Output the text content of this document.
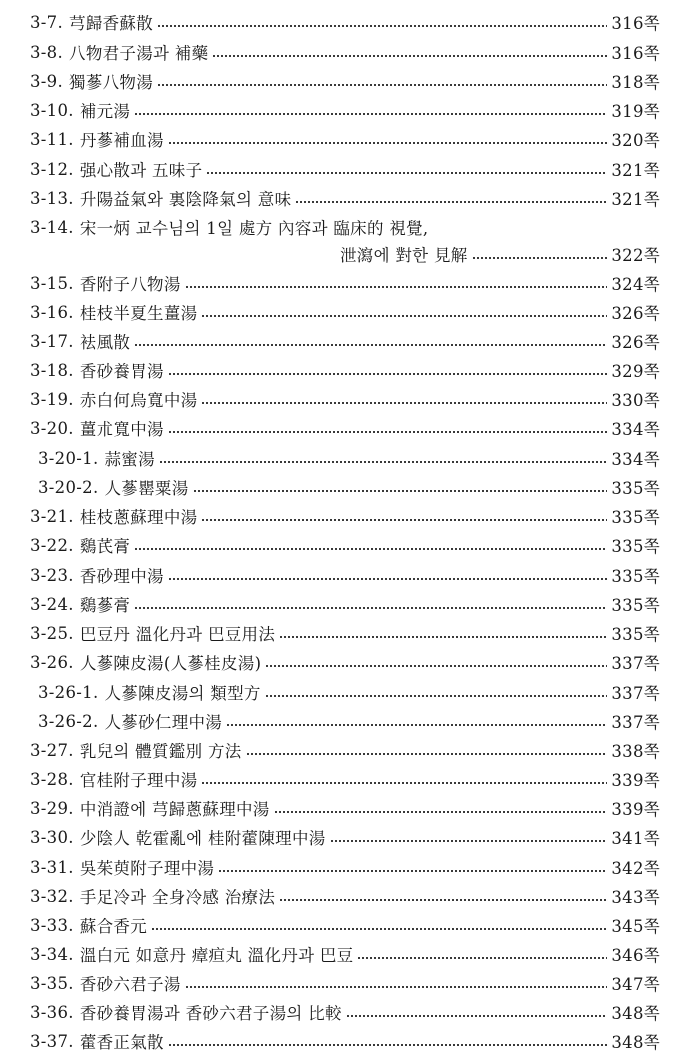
3-7. 芎歸香蘇散	316쪽
3-8. 八物君子湯과 補藥	316쪽
3-9. 獨蔘八物湯	318쪽
3-10. 補元湯	319쪽
3-11. 丹蔘補血湯	320쪽
3-12. 强心散과 五味子	321쪽
3-13. 升陽益氣와 裏陰降氣의 意味	321쪽
3-14. 宋一炳 교수님의 1일 處方 內容과 臨床的 視覺,
泄瀉에 對한 見解	322쪽
3-15. 香附子八物湯	324쪽
3-16. 桂枝半夏生薑湯	326쪽
3-17. 袪風散	326쪽
3-18. 香砂養胃湯	329쪽
3-19. 赤白何烏寬中湯	330쪽
3-20. 薑朮寬中湯	334쪽
3-20-1. 蒜蜜湯	334쪽
3-20-2. 人蔘罌粟湯	335쪽
3-21. 桂枝蔥蘇理中湯	335쪽
3-22. 鷄芪膏	335쪽
3-23. 香砂理中湯	335쪽
3-24. 鷄蔘膏	335쪽
3-25. 巴豆丹 溫化丹과 巴豆用法	335쪽
3-26. 人蔘陳皮湯(人蔘桂皮湯)	337쪽
3-26-1. 人蔘陳皮湯의 類型方	337쪽
3-26-2. 人蔘砂仁理中湯	337쪽
3-27. 乳兒의 體質鑑別 方法	338쪽
3-28. 官桂附子理中湯	339쪽
3-29. 中消證에 芎歸蔥蘇理中湯	339쪽
3-30. 少陰人 乾霍亂에 桂附藿陳理中湯	341쪽
3-31. 吳茱萸附子理中湯	342쪽
3-32. 手足冷과 全身冷感 治療法	343쪽
3-33. 蘇合香元	345쪽
3-34. 溫白元 如意丹 瘴疸丸 溫化丹과 巴豆	346쪽
3-35. 香砂六君子湯	347쪽
3-36. 香砂養胃湯과 香砂六君子湯의 比較	348쪽
3-37. 藿香正氣散	348쪽
